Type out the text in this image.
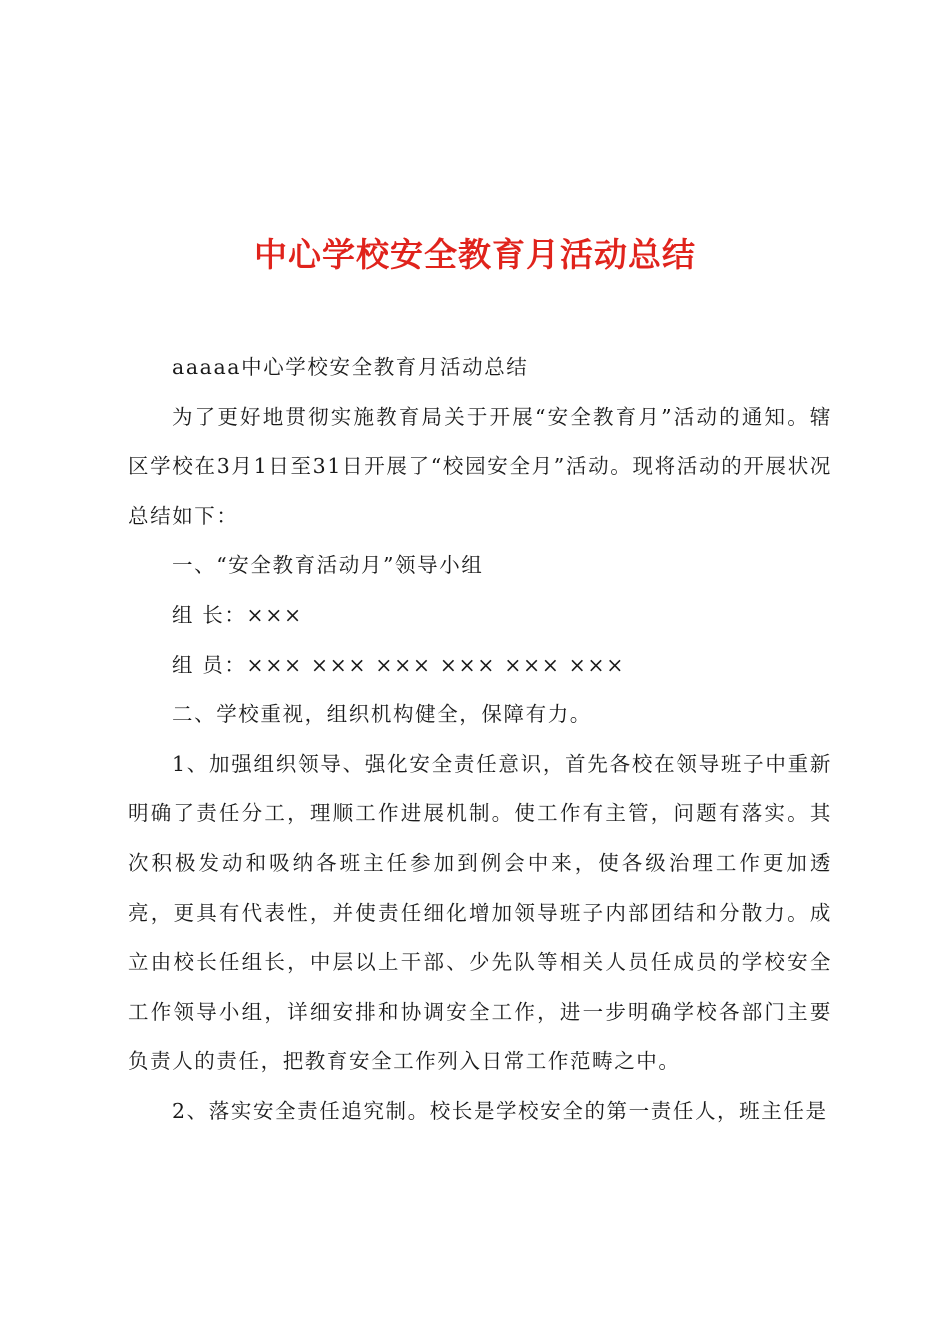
中心学校安全教育月活动总结

aaaaa中心学校安全教育月活动总结

为了更好地贯彻实施教育局关于开展“安全教育月”活动的通知。辖区学校在3月1日至31日开展了“校园安全月”活动。现将活动的开展状况总结如下：

一、“安全教育活动月”领导小组

组 长：×××

组 员：××× ××× ××× ××× ××× ×××

二、学校重视，组织机构健全，保障有力。

1、加强组织领导、强化安全责任意识，首先各校在领导班子中重新明确了责任分工，理顺工作进展机制。使工作有主管，问题有落实。其次积极发动和吸纳各班主任参加到例会中来，使各级治理工作更加透亮，更具有代表性，并使责任细化增加领导班子内部团结和分散力。成立由校长任组长，中层以上干部、少先队等相关人员任成员的学校安全工作领导小组，详细安排和协调安全工作，进一步明确学校各部门主要负责人的责任，把教育安全工作列入日常工作范畴之中。

2、落实安全责任追究制。校长是学校安全的第一责任人，班主任是
